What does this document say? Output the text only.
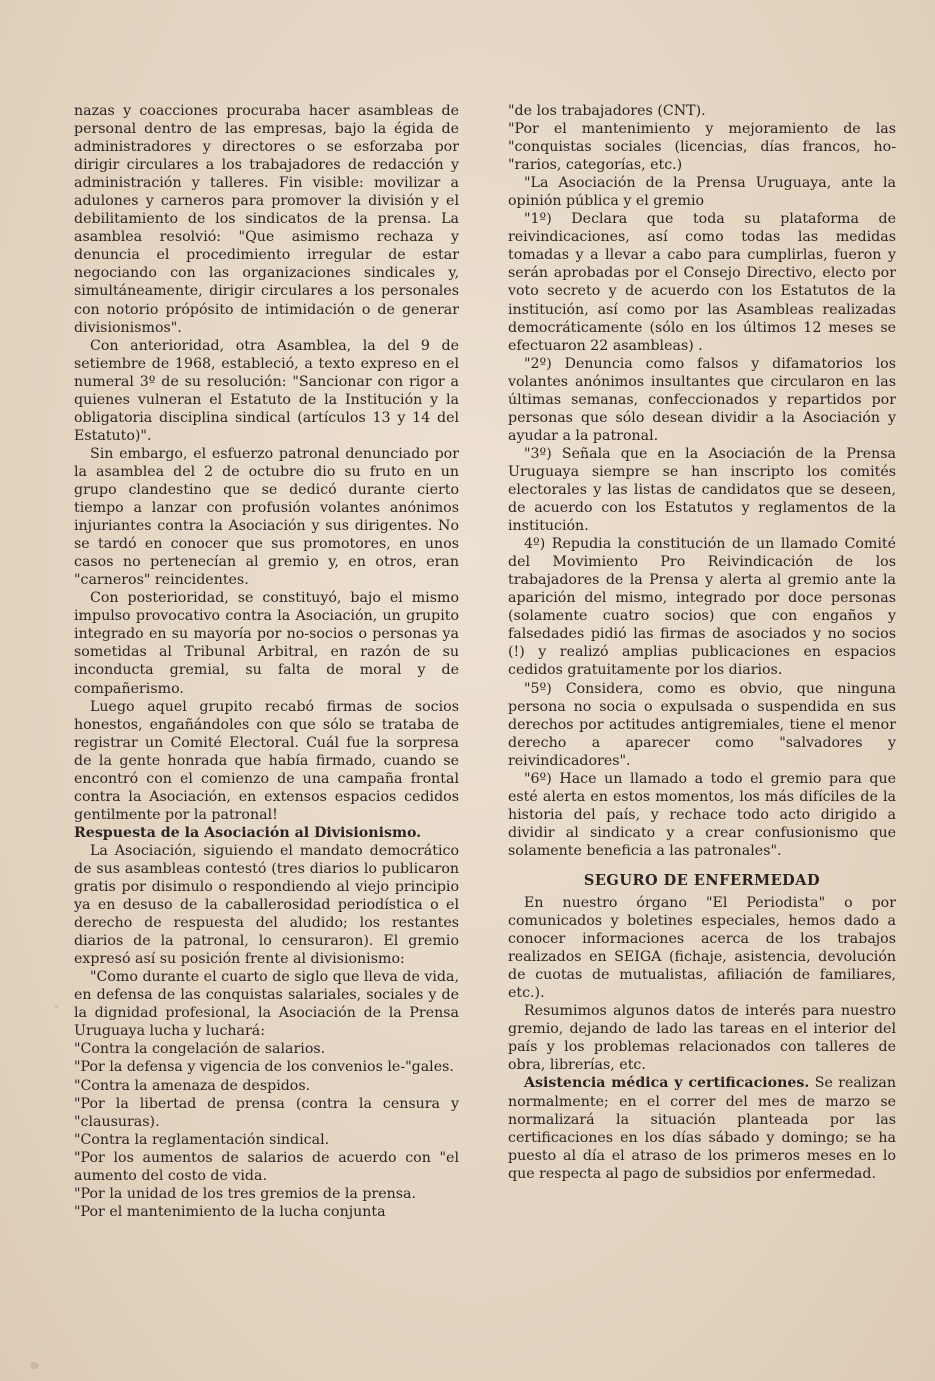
nazas y coacciones procuraba hacer asambleas de personal dentro de las empresas, bajo la égida de administradores y directores o se esforzaba por dirigir circulares a los trabajadores de redacción y administración y talleres. Fin visible: movilizar a adulones y carneros para promover la división y el debilitamiento de los sindicatos de la prensa. La asamblea resolvió: "Que asimismo rechaza y denuncia el procedimiento irregular de estar negociando con las organizaciones sindicales y, simultáneamente, dirigir circulares a los personales con notorio própósito de intimidación o de generar divisionismos".

Con anterioridad, otra Asamblea, la del 9 de setiembre de 1968, estableció, a texto expreso en el numeral 3º de su resolución: "Sancionar con rigor a quienes vulneran el Estatuto de la Institución y la obligatoria disciplina sindical (artículos 13 y 14 del Estatuto)".

Sin embargo, el esfuerzo patronal denunciado por la asamblea del 2 de octubre dio su fruto en un grupo clandestino que se dedicó durante cierto tiempo a lanzar con profusión volantes anónimos injuriantes contra la Asociación y sus dirigentes. No se tardó en conocer que sus promotores, en unos casos no pertenecían al gremio y, en otros, eran "carneros" reincidentes.

Con posterioridad, se constituyó, bajo el mismo impulso provocativo contra la Asociación, un grupito integrado en su mayoría por no-socios o personas ya sometidas al Tribunal Arbitral, en razón de su inconducta gremial, su falta de moral y de compañerismo.

Luego aquel grupito recabó firmas de socios honestos, engañándoles con que sólo se trataba de registrar un Comité Electoral. Cuál fue la sorpresa de la gente honrada que había firmado, cuando se encontró con el comienzo de una campaña frontal contra la Asociación, en extensos espacios cedidos gentilmente por la patronal!

Respuesta de la Asociación al Divisionismo.

La Asociación, siguiendo el mandato democrático de sus asambleas contestó (tres diarios lo publicaron gratis por disimulo o respondiendo al viejo principio ya en desuso de la caballerosidad periodística o el derecho de respuesta del aludido; los restantes diarios de la patronal, lo censuraron). El gremio expresó así su posición frente al divisionismo:

"Como durante el cuarto de siglo que lleva de vida, en defensa de las conquistas salariales, sociales y de la dignidad profesional, la Asociación de la Prensa Uruguaya lucha y luchará:

"Contra la congelación de salarios.

"Por la defensa y vigencia de los convenios le-"gales.

"Contra la amenaza de despidos.

"Por la libertad de prensa (contra la censura y "clausuras).

"Contra la reglamentación sindical.

"Por los aumentos de salarios de acuerdo con "el aumento del costo de vida.

"Por la unidad de los tres gremios de la prensa.

"Por el mantenimiento de la lucha conjunta

"de los trabajadores (CNT).

"Por el mantenimiento y mejoramiento de las "conquistas sociales (licencias, días francos, ho- "rarios, categorías, etc.)

"La Asociación de la Prensa Uruguaya, ante la opinión pública y el gremio

"1º) Declara que toda su plataforma de reivindicaciones, así como todas las medidas tomadas y a llevar a cabo para cumplirlas, fueron y serán aprobadas por el Consejo Directivo, electo por voto secreto y de acuerdo con los Estatutos de la institución, así como por las Asambleas realizadas democráticamente (sólo en los últimos 12 meses se efectuaron 22 asambleas) .

"2º) Denuncia como falsos y difamatorios los volantes anónimos insultantes que circularon en las últimas semanas, confeccionados y repartidos por personas que sólo desean dividir a la Asociación y ayudar a la patronal.

"3º) Señala que en la Asociación de la Prensa Uruguaya siempre se han inscripto los comités electorales y las listas de candidatos que se deseen, de acuerdo con los Estatutos y reglamentos de la institución.

4º) Repudia la constitución de un llamado Comité del Movimiento Pro Reivindicación de los trabajadores de la Prensa y alerta al gremio ante la aparición del mismo, integrado por doce personas (solamente cuatro socios) que con engaños y falsedades pidió las firmas de asociados y no socios (!) y realizó amplias publicaciones en espacios cedidos gratuitamente por los diarios.

"5º) Considera, como es obvio, que ninguna persona no socia o expulsada o suspendida en sus derechos por actitudes antigremiales, tiene el menor derecho a aparecer como "salvadores y reivindicadores".

"6º) Hace un llamado a todo el gremio para que esté alerta en estos momentos, los más difíciles de la historia del país, y rechace todo acto dirigido a dividir al sindicato y a crear confusionismo que solamente beneficia a las patronales".

SEGURO DE ENFERMEDAD

En nuestro órgano "El Periodista" o por comunicados y boletines especiales, hemos dado a conocer informaciones acerca de los trabajos realizados en SEIGA (fichaje, asistencia, devolución de cuotas de mutualistas, afiliación de familiares, etc.).

Resumimos algunos datos de interés para nuestro gremio, dejando de lado las tareas en el interior del país y los problemas relacionados con talleres de obra, librerías, etc.

Asistencia médica y certificaciones. Se realizan normalmente; en el correr del mes de marzo se normalizará la situación planteada por las certificaciones en los días sábado y domingo; se ha puesto al día el atraso de los primeros meses en lo que respecta al pago de subsidios por enfermedad.
